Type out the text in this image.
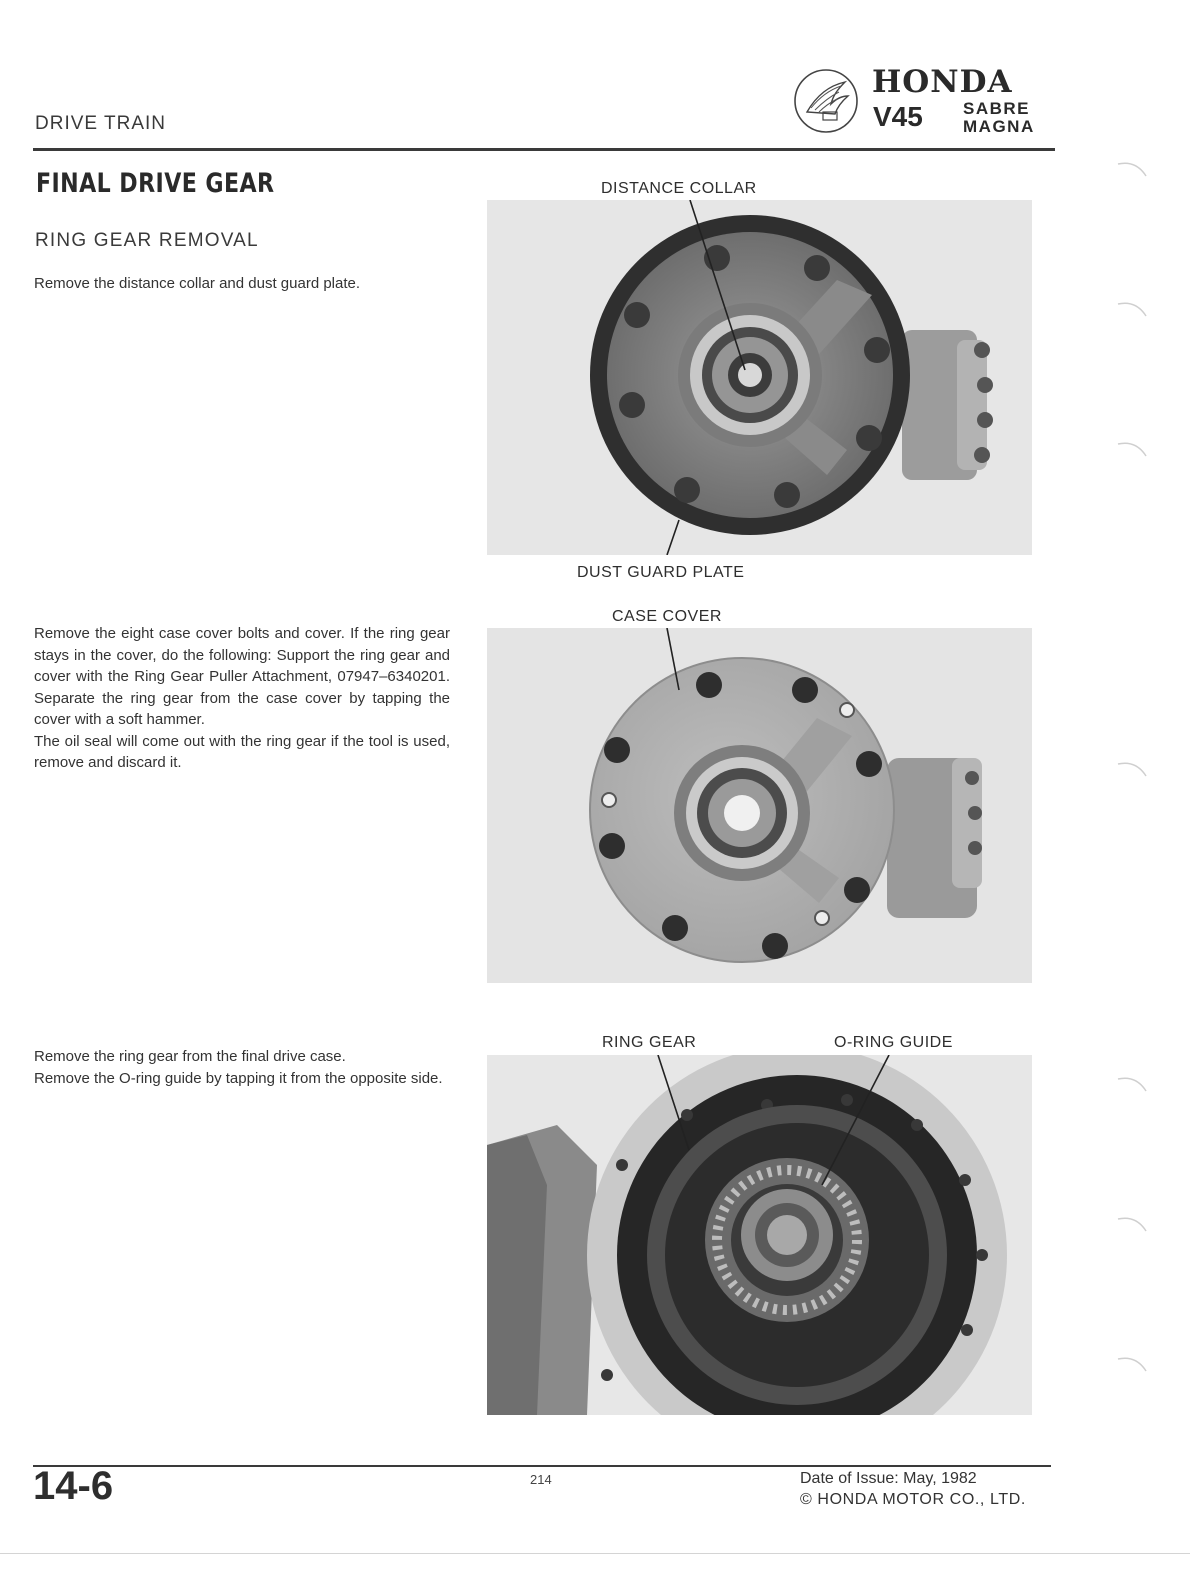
DRIVE TRAIN
HONDA
V45 SABRE
MAGNA
FINAL DRIVE GEAR
RING GEAR REMOVAL

Remove the distance collar and dust guard plate.

Remove the eight case cover bolts and cover. If the ring gear stays in the cover, do the following: Support the ring gear and cover with the Ring Gear Puller Attachment, 07947–6340201. Separate the ring gear from the case cover by tapping the cover with a soft hammer.

The oil seal will come out with the ring gear if the tool is used, remove and discard it.

Remove the ring gear from the final drive case.

Remove the O-ring guide by tapping it from the opposite side.

DISTANCE COLLAR
DUST GUARD PLATE
CASE COVER
RING GEAR	O-RING GUIDE
14-6	214	Date of Issue: May, 1982
© HONDA MOTOR CO., LTD.
